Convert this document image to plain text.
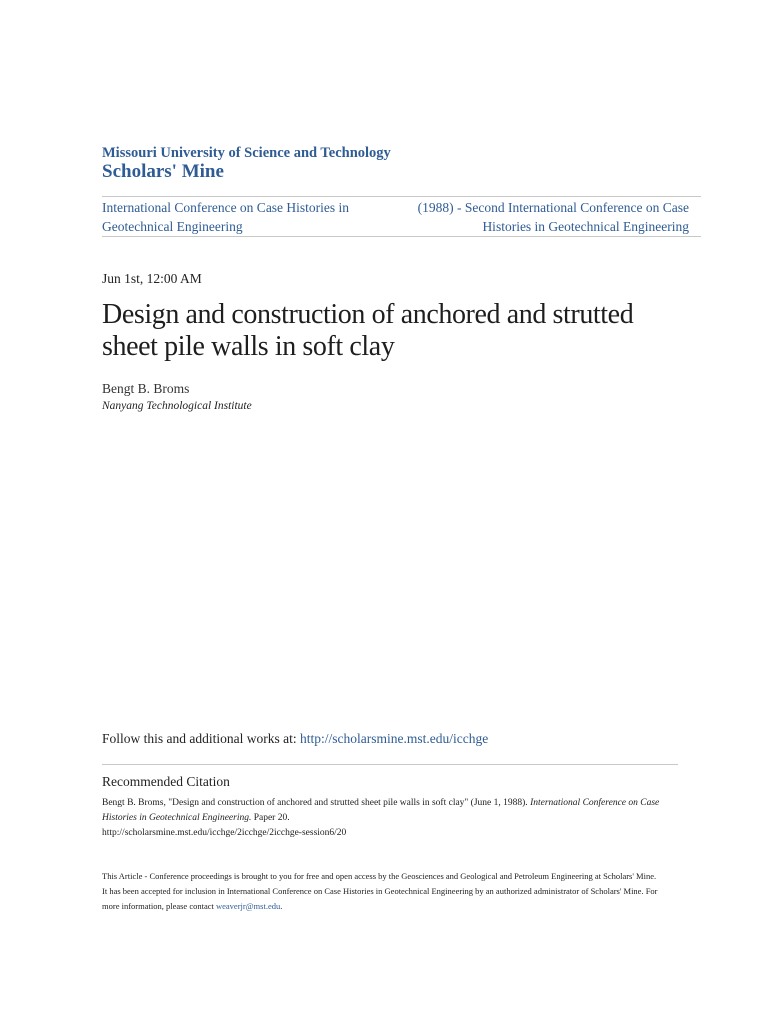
Missouri University of Science and Technology
Scholars' Mine
International Conference on Case Histories in Geotechnical Engineering
(1988) - Second International Conference on Case Histories in Geotechnical Engineering
Jun 1st, 12:00 AM
Design and construction of anchored and strutted sheet pile walls in soft clay
Bengt B. Broms
Nanyang Technological Institute
Follow this and additional works at: http://scholarsmine.mst.edu/icchge
Recommended Citation
Bengt B. Broms, "Design and construction of anchored and strutted sheet pile walls in soft clay" (June 1, 1988). International Conference on Case Histories in Geotechnical Engineering. Paper 20.
http://scholarsmine.mst.edu/icchge/2icchge/2icchge-session6/20
This Article - Conference proceedings is brought to you for free and open access by the Geosciences and Geological and Petroleum Engineering at Scholars' Mine. It has been accepted for inclusion in International Conference on Case Histories in Geotechnical Engineering by an authorized administrator of Scholars' Mine. For more information, please contact weaverjr@mst.edu.
